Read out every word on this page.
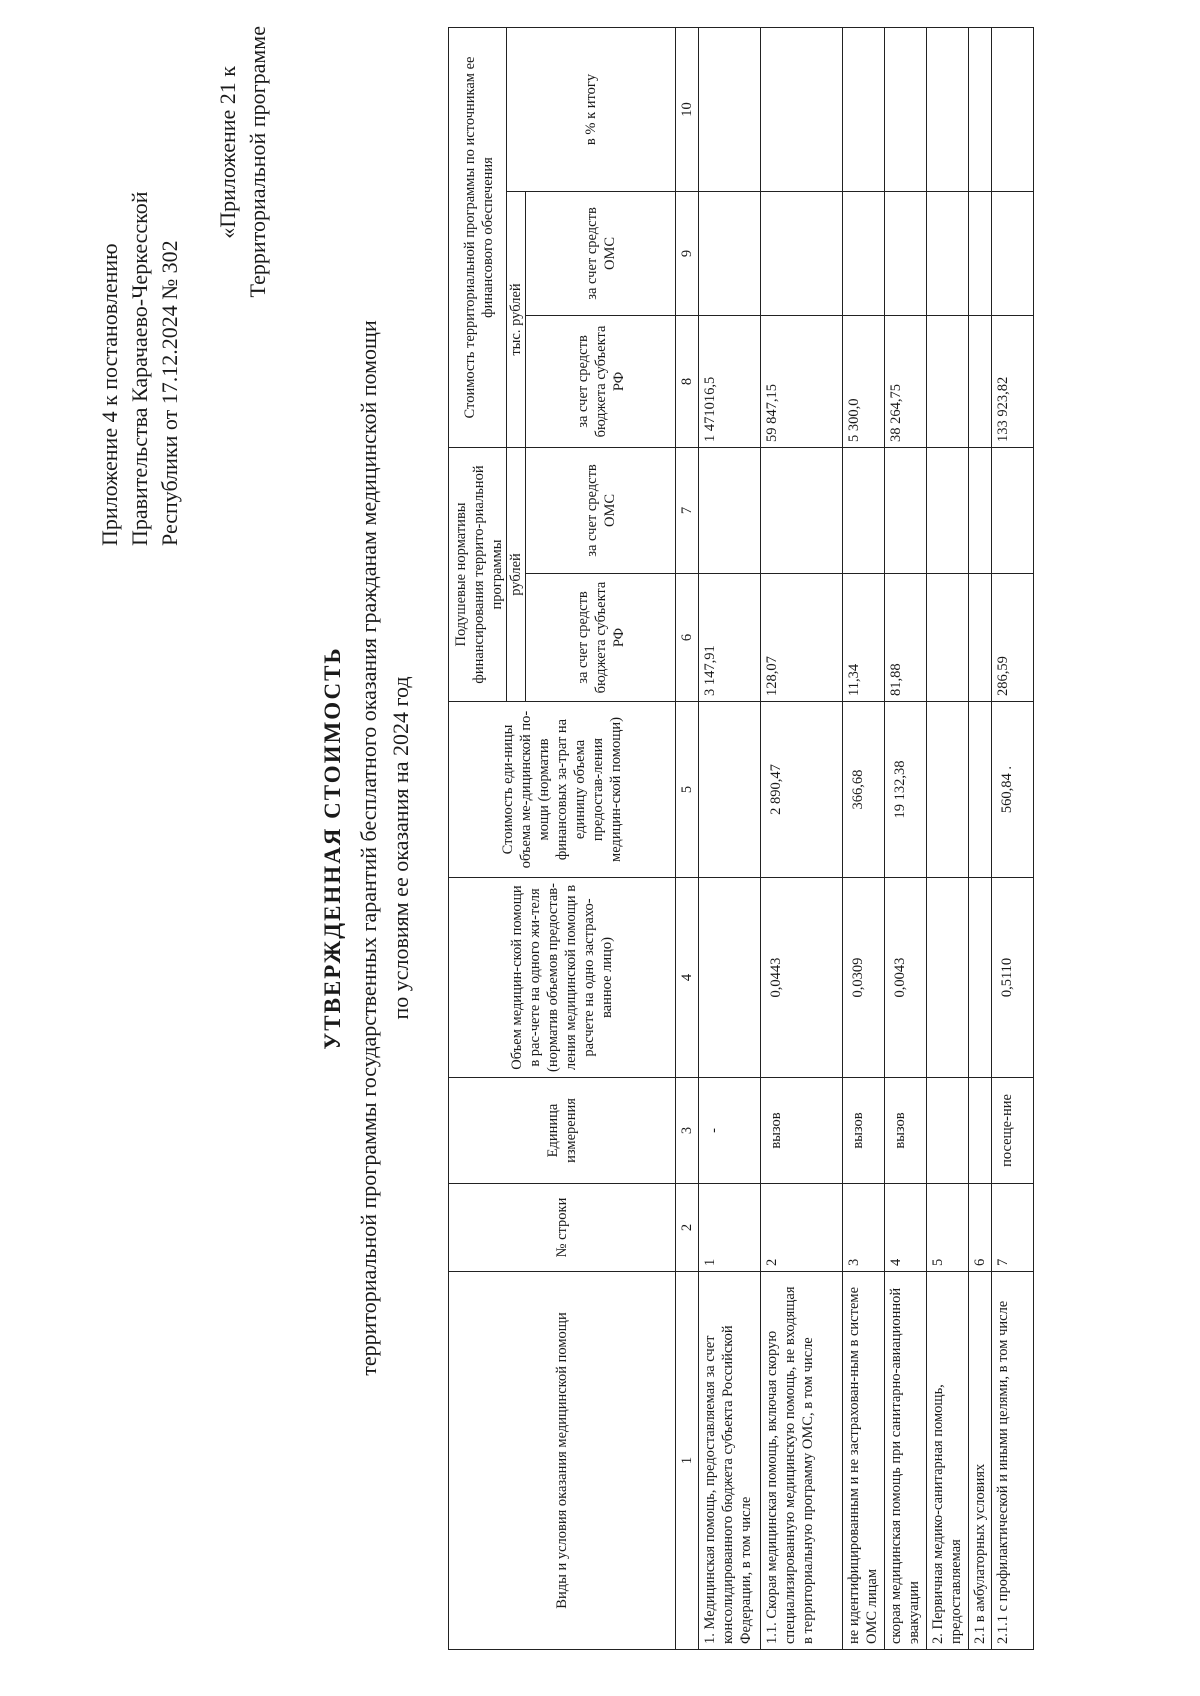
Приложение 4 к постановлению Правительства Карачаево-Черкесской Республики от 17.12.2024 № 302
«Приложение 21 к Территориальной программе
УТВЕРЖДЕННАЯ СТОИМОСТЬ территориальной программы государственных гарантий бесплатного оказания гражданам медицинской помощи по условиям ее оказания на 2024 год
Виды и условия оказания медицинской помощи	№ строки	Единица измерения	Объем медицин-ской помощи в рас-чете на одного жи-теля (норматив объемов предостав-ления медицинской помощи в расчете на одно застрахо-ванное лицо)	Стоимость еди-ницы объема ме-дицинской по-мощи (норматив финансовых за-трат на единицу объема предостав-ления медицин-ской помощи)	Подушевые нормативы финансирования террито-риальной программы		Стоимость территориальной программы по источникам ее финансового обеспечения		
					рублей		тыс. рублей		в % к итогу
					за счет средств бюджета субъекта РФ	за счет средств ОМС	за счет средств бюджета субъекта РФ	за счет средств ОМС	
1	2	3	4	5	6	7	8	9	10
1. Медицинская помощь, предоставляемая за счет консолидированного бюджета субъекта Российской Федерации, в том числе	1	-			3 147,91		1 471016,5		
1.1. Скорая медицинская помощь, включая скорую специализированную медицинскую помощь, не входящая в территориальную программу ОМС, в том числе	2	вызов	0,0443	2 890,47	128,07		59 847,15		
не идентифицированным и не застрахован-ным в системе ОМС лицам	3	вызов	0,0309	366,68	11,34		5 300,0		
скорая медицинская помощь при санитарно-авиационной эвакуации	4	вызов	0,0043	19 132,38	81,88		38 264,75		
2. Первичная медико-санитарная помощь, предоставляемая	5								
2.1 в амбулаторных условиях	6								
2.1.1 с профилактической и иными целями, в том числе	7	посеще-ние	0,5110	560,84 .	286,59		133 923,82		
